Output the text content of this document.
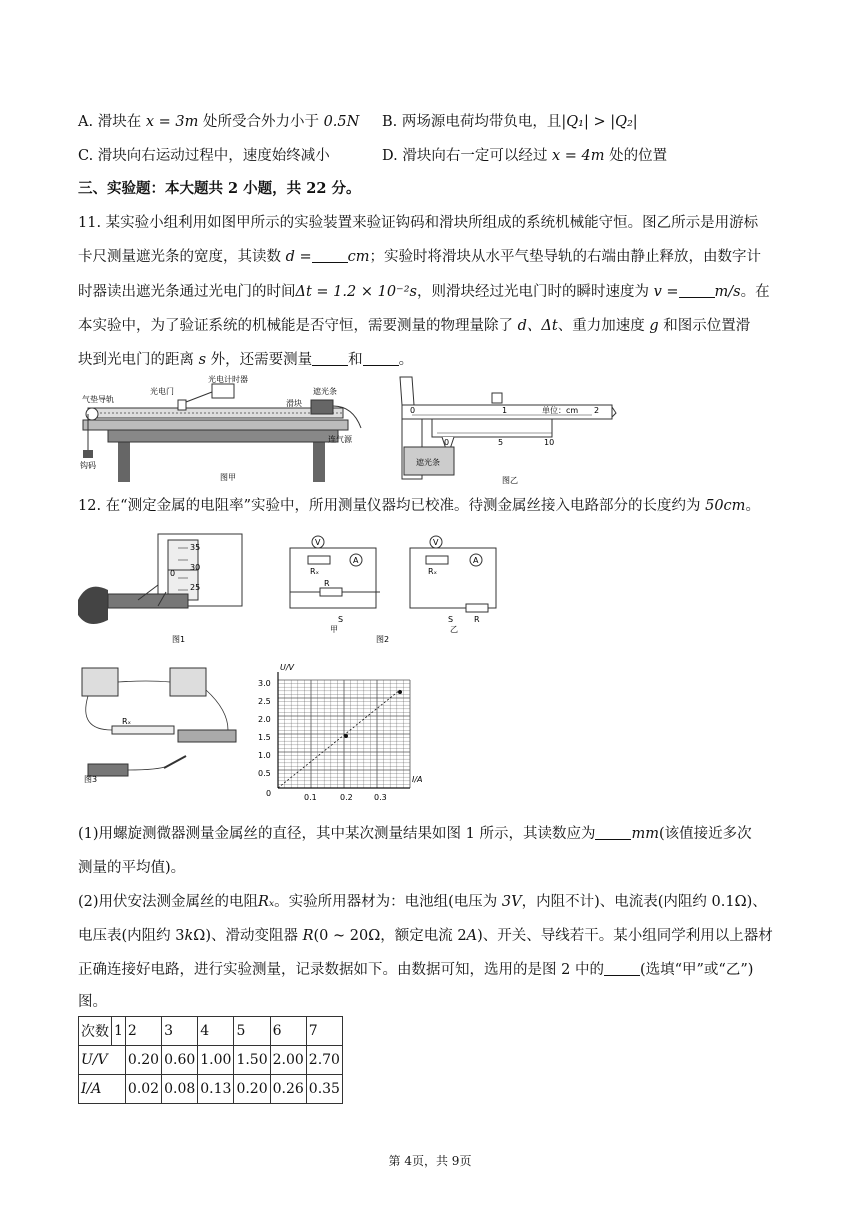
A. 滑块在 x = 3m 处所受合外力小于 0.5N B. 两场源电荷均带负电，且|Q₁| > |Q₂|
C. 滑块向右运动过程中，速度始终减小	D. 滑块向右一定可以经过 x = 4m 处的位置
三、实验题：本大题共 2 小题，共 22 分。
11. 某实验小组利用如图甲所示的实验装置来验证钩码和滑块所组成的系统机械能守恒。图乙所示是用游标
卡尺测量遮光条的宽度，其读数 d = cm；实验时将滑块从水平气垫导轨的右端由静止释放，由数字计
时器读出遮光条通过光电门的时间Δt = 1.2 × 10⁻²s，则滑块经过光电门时的瞬时速度为 v = m/s。在
本实验中，为了验证系统的机械能是否守恒，需要测量的物理量除了 d、Δt、重力加速度 g 和图示位置滑
块到光电门的距离 s 外，还需要测量 和 。
光电门
光电计时器
遮光条
气垫导轨	滑块
连气源
钩码
图甲
0	1	2
单位：cm
0	5	10
遮光条
图乙
12. 在“测定金属的电阻率”实验中，所用测量仪器均已校准。待测金属丝接入电路部分的长度约为 50cm。
35
30
25
0
图1
V
A
Rₓ
R
S
甲
V
A
Rₓ
R
S
乙
图2
Rₓ
图3
U/V
I/A
3.0
2.5
2.0
1.5
1.0
0.5
0	0.1	0.2	0.3
(1)用螺旋测微器测量金属丝的直径，其中某次测量结果如图 1 所示，其读数应为 mm(该值接近多次
测量的平均值)。
(2)用伏安法测金属丝的电阻Rₓ。实验所用器材为：电池组(电压为 3V，内阻不计)、电流表(内阻约 0.1Ω)、
电压表(内阻约 3kΩ)、滑动变阻器 R(0 ~ 20Ω，额定电流 2A)、开关、导线若干。某小组同学利用以上器材
正确连接好电路，进行实验测量，记录数据如下。由数据可知，选用的是图 2 中的 (选填“甲”或“乙”)
图。
次数	1	2	3	4	5	6	7
U/V		0.20	0.60	1.00	1.50	2.00	2.70
I/A		0.02	0.08	0.13	0.20	0.26	0.35
第 4页，共 9页
